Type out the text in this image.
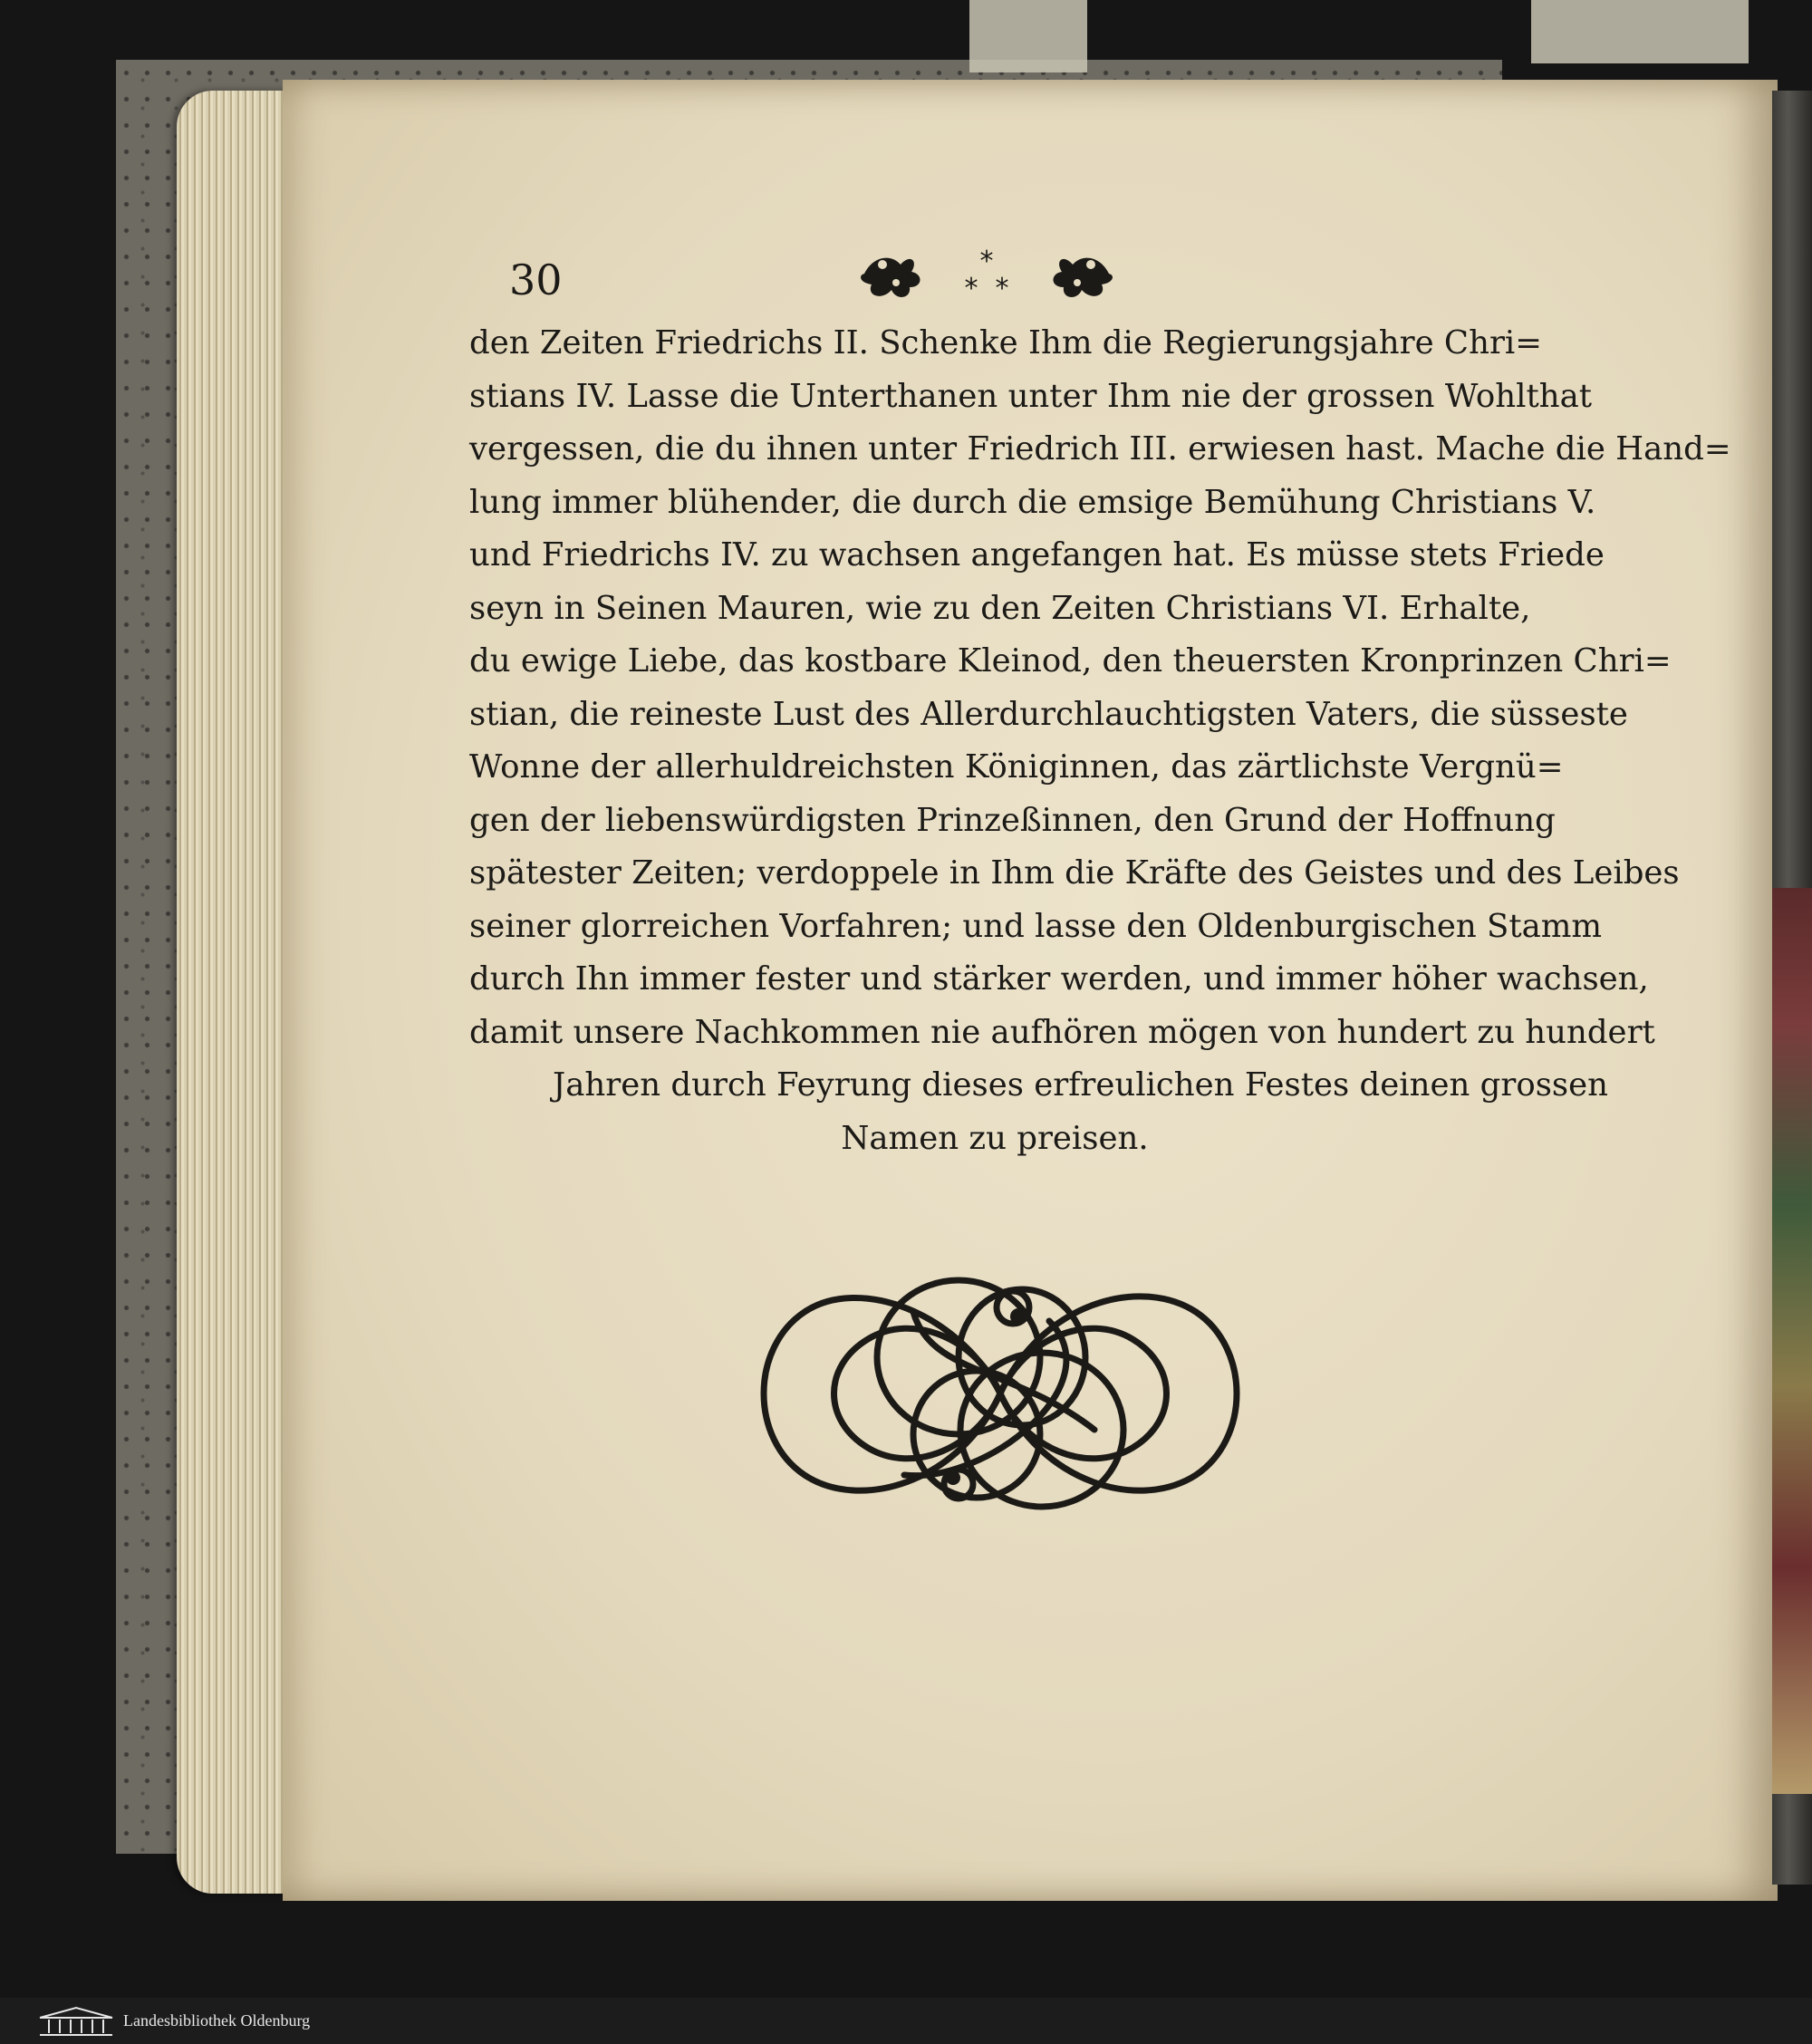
30	*
* *
den Zeiten Friedrichs II. Schenke Ihm die Regierungsjahre Chri=
stians IV. Lasse die Unterthanen unter Ihm nie der grossen Wohlthat
vergessen, die du ihnen unter Friedrich III. erwiesen hast. Mache die Hand=
lung immer blühender, die durch die emsige Bemühung Christians V.
und Friedrichs IV. zu wachsen angefangen hat. Es müsse stets Friede
seyn in Seinen Mauren, wie zu den Zeiten Christians VI. Erhalte,
du ewige Liebe, das kostbare Kleinod, den theuersten Kronprinzen Chri=
stian, die reineste Lust des Allerdurchlauchtigsten Vaters, die süsseste
Wonne der allerhuldreichsten Königinnen, das zärtlichste Vergnü=
gen der liebenswürdigsten Prinzeßinnen, den Grund der Hoffnung
spätester Zeiten; verdoppele in Ihm die Kräfte des Geistes und des Leibes
seiner glorreichen Vorfahren; und lasse den Oldenburgischen Stamm
durch Ihn immer fester und stärker werden, und immer höher wachsen,
damit unsere Nachkommen nie aufhören mögen von hundert zu hundert
Jahren durch Feyrung dieses erfreulichen Festes deinen grossen
Namen zu preisen.
Landesbibliothek Oldenburg
